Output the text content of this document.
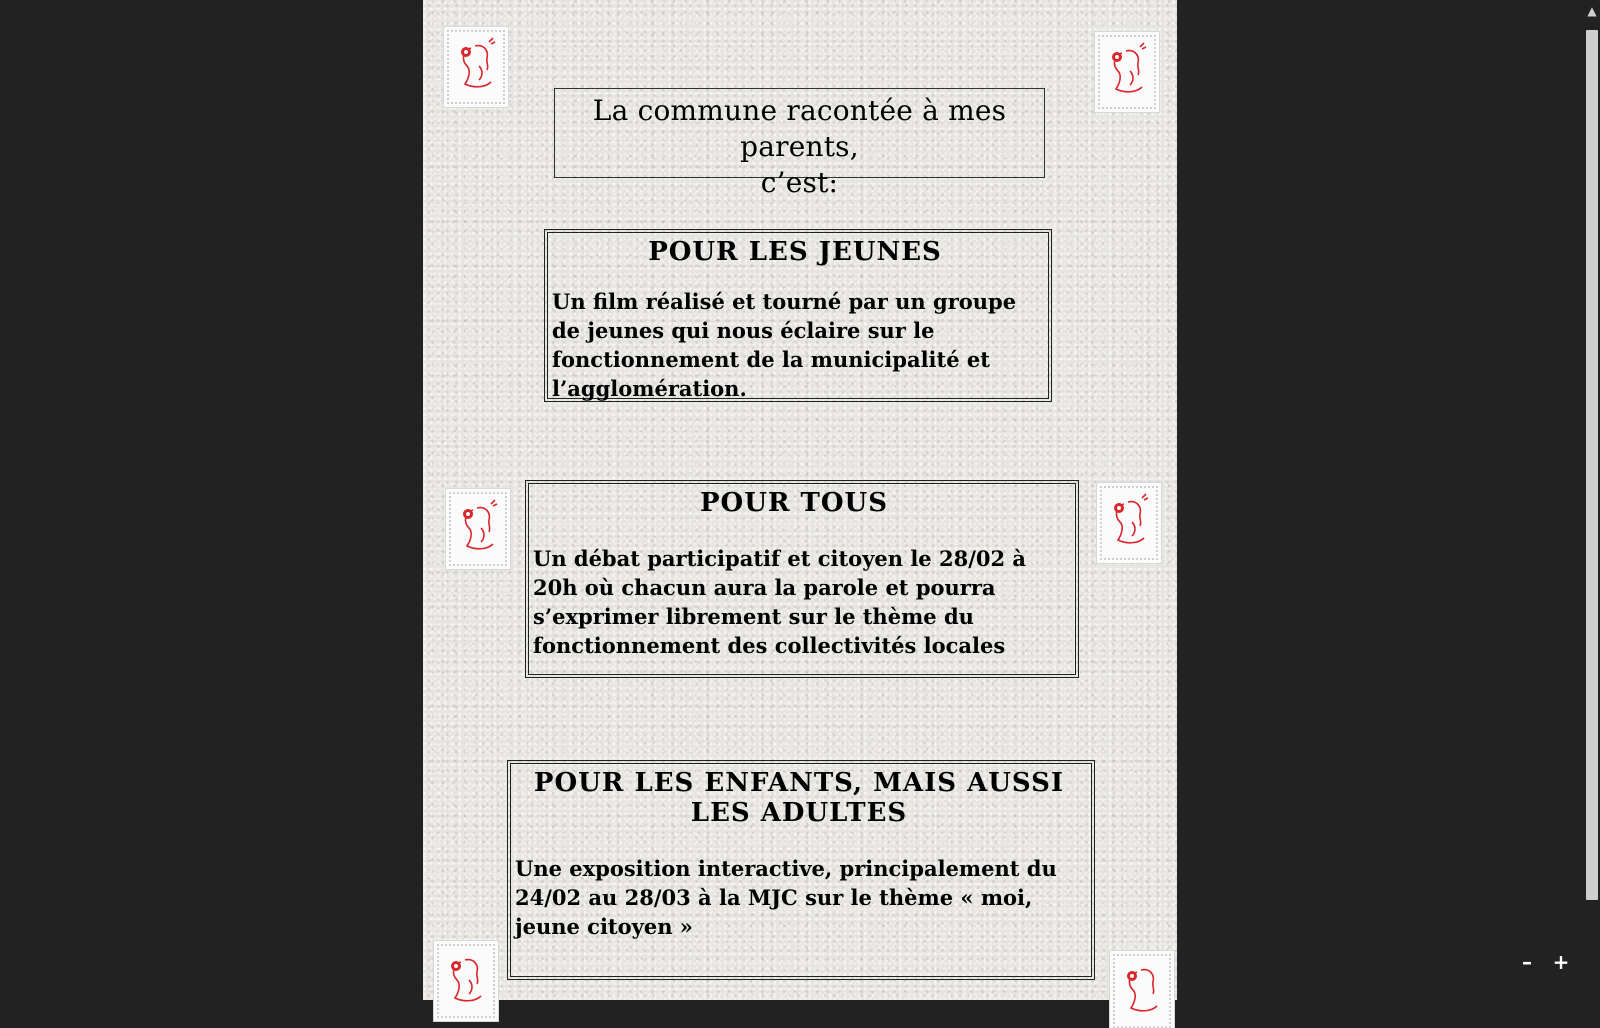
La commune racontée à mes parents,
c’est:
POUR LES JEUNES
Un film réalisé et tourné par un groupe de jeunes qui nous éclaire sur le fonctionnement de la municipalité et l’agglomération.
POUR TOUS
Un débat participatif et citoyen le 28/02 à 20h où chacun aura la parole et pourra s’exprimer librement sur le thème du fonctionnement des collectivités locales
POUR LES ENFANTS, MAIS AUSSI
LES ADULTES
Une exposition interactive, principalement du 24/02 au 28/03 à la MJC sur le thème « moi, jeune citoyen »
▲
–	+
